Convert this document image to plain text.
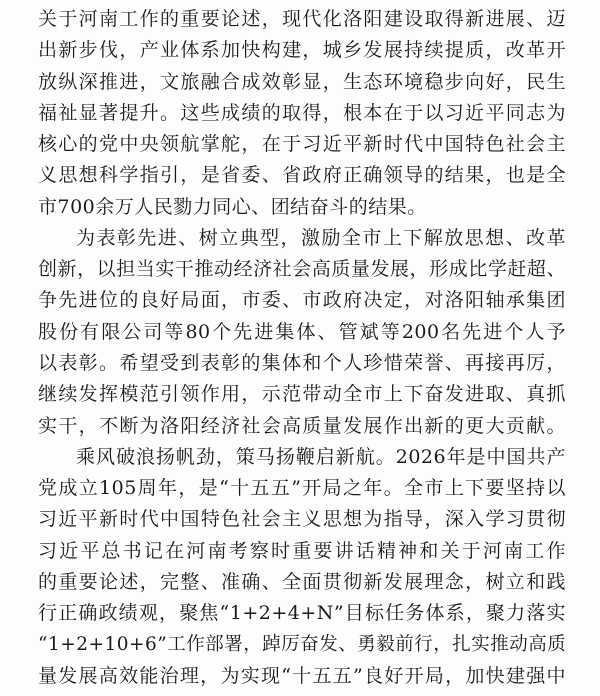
关于河南工作的重要论述，现代化洛阳建设取得新进展、迈
出新步伐，产业体系加快构建，城乡发展持续提质，改革开
放纵深推进，文旅融合成效彰显，生态环境稳步向好，民生
福祉显著提升。这些成绩的取得，根本在于以习近平同志为
核心的党中央领航掌舵，在于习近平新时代中国特色社会主
义思想科学指引，是省委、省政府正确领导的结果，也是全
市700余万人民勠力同心、团结奋斗的结果。
为表彰先进、树立典型，激励全市上下解放思想、改革
创新，以担当实干推动经济社会高质量发展，形成比学赶超、
争先进位的良好局面，市委、市政府决定，对洛阳轴承集团
股份有限公司等80个先进集体、管斌等200名先进个人予
以表彰。希望受到表彰的集体和个人珍惜荣誉、再接再厉，
继续发挥模范引领作用，示范带动全市上下奋发进取、真抓
实干，不断为洛阳经济社会高质量发展作出新的更大贡献。
乘风破浪扬帆劲，策马扬鞭启新航。2026年是中国共产
党成立105周年，是“十五五”开局之年。全市上下要坚持以
习近平新时代中国特色社会主义思想为指导，深入学习贯彻
习近平总书记在河南考察时重要讲话精神和关于河南工作
的重要论述，完整、准确、全面贯彻新发展理念，树立和践
行正确政绩观，聚焦“1+2+4+N”目标任务体系，聚力落实
“1+2+10+6”工作部署，踔厉奋发、勇毅前行，扎实推动高质
量发展高效能治理，为实现“十五五”良好开局，加快建强中
